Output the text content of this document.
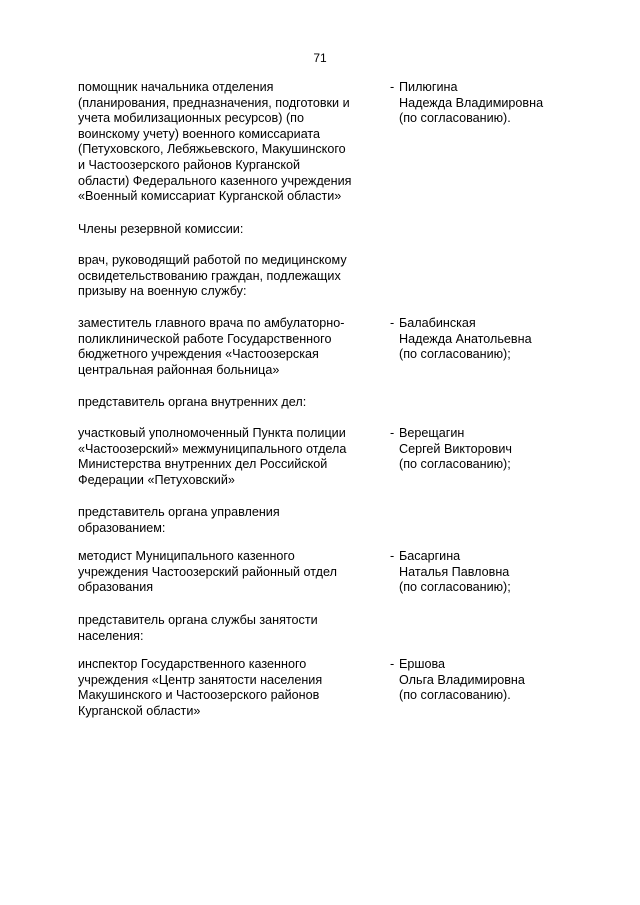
71
помощник начальника отделения
(планирования, предназначения, подготовки и
учета мобилизационных ресурсов) (по
воинскому учету) военного комиссариата
(Петуховского, Лебяжьевского, Макушинского
и Частоозерского районов Курганской
области) Федерального казенного учреждения
«Военный комиссариат Курганской области»
- Пилюгина
Надежда Владимировна
(по согласованию).
Члены резервной комиссии:
врач, руководящий работой по медицинскому
освидетельствованию граждан, подлежащих
призыву на военную службу:
заместитель главного врача по амбулаторно-
поликлинической работе Государственного
бюджетного учреждения «Частоозерская
центральная районная больница»
- Балабинская
Надежда Анатольевна
(по согласованию);
представитель органа внутренних дел:
участковый уполномоченный Пункта полиции
«Частоозерский» межмуниципального отдела
Министерства внутренних дел Российской
Федерации «Петуховский»
- Верещагин
Сергей Викторович
(по согласованию);
представитель органа управления
образованием:
методист Муниципального казенного
учреждения Частоозерский районный отдел
образования
- Басаргина
Наталья Павловна
(по согласованию);
представитель органа службы занятости
населения:
инспектор Государственного казенного
учреждения «Центр занятости населения
Макушинского и Частоозерского районов
Курганской области»
- Ершова
Ольга Владимировна
(по согласованию).
